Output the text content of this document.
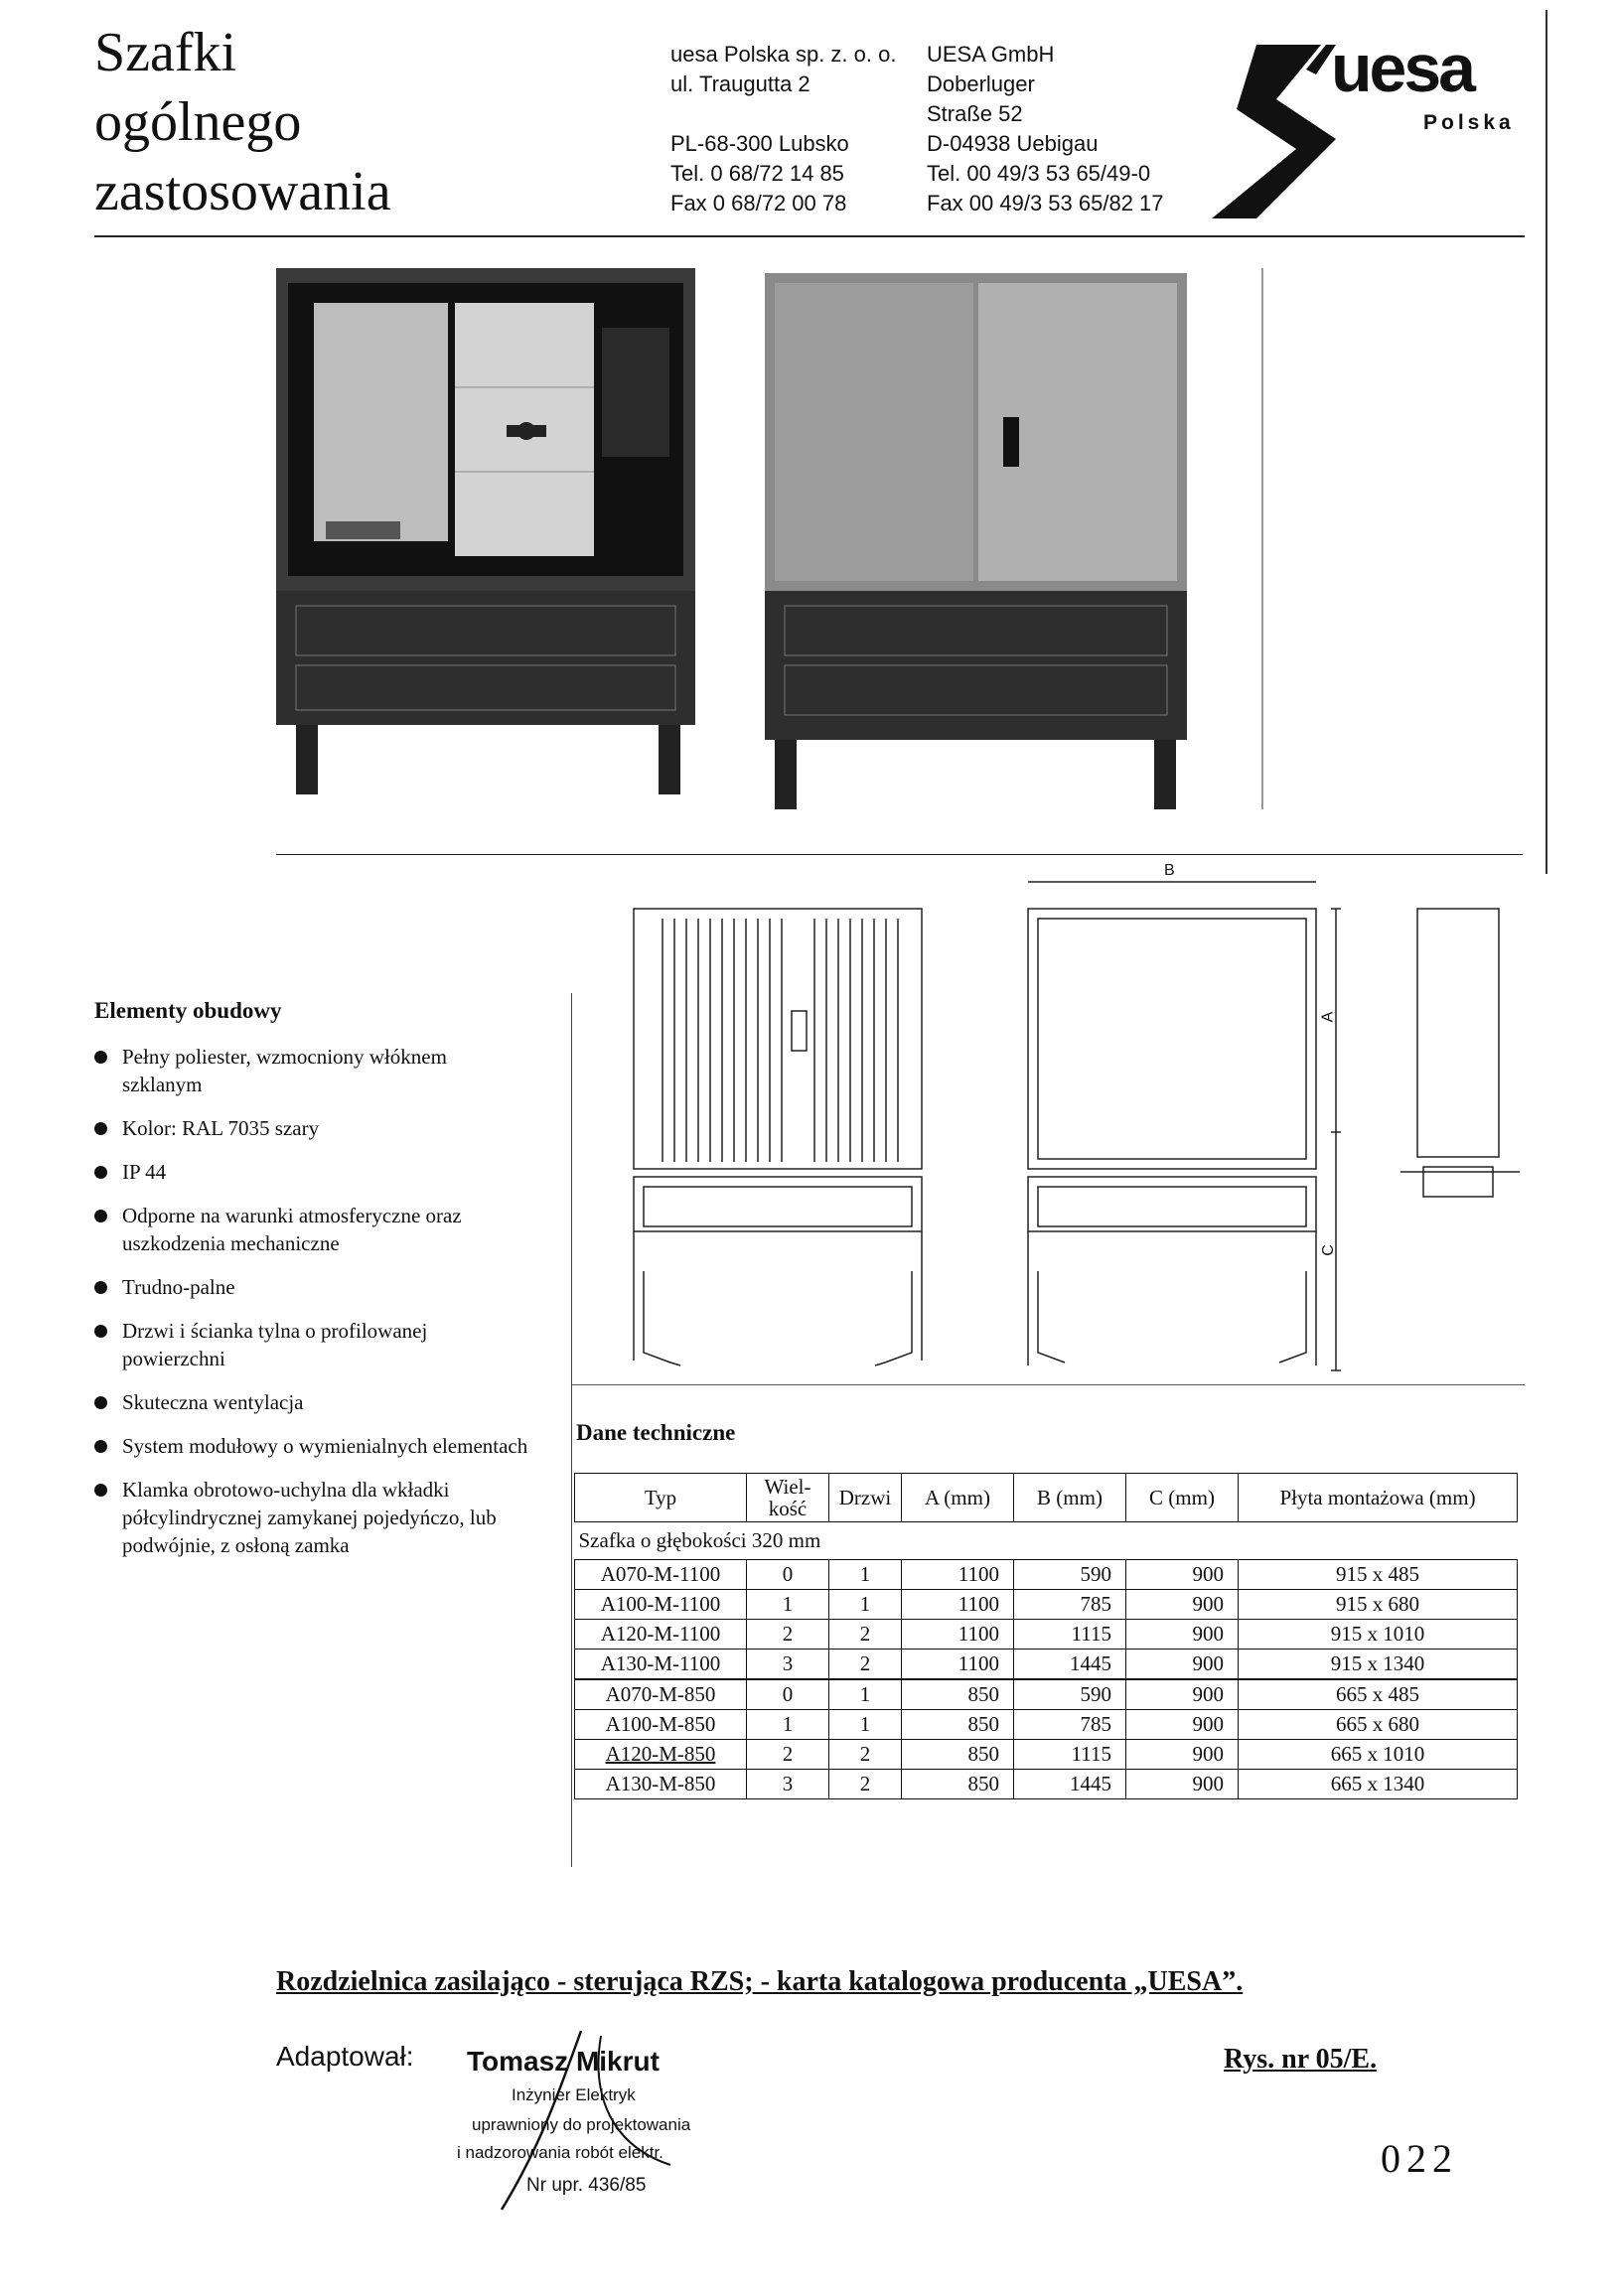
Szafki
ogólnego
zastosowania
uesa Polska sp. z. o. o.
ul. Traugutta 2
PL-68-300 Lubsko
Tel. 0 68/72 14 85
Fax 0 68/72 00 78
UESA GmbH
Doberluger
Straße 52
D-04938 Uebigau
Tel. 00 49/3 53 65/49-0
Fax 00 49/3 53 65/82 17
uesa
Polska
B
A
C
Elementy obudowy
Pełny poliester, wzmocniony włóknem szklanym
Kolor: RAL 7035 szary
IP 44
Odporne na warunki atmosferyczne oraz uszkodzenia mechaniczne
Trudno-palne
Drzwi i ścianka tylna o profilowanej powierzchni
Skuteczna wentylacja
System modułowy o wymienialnych elementach
Klamka obrotowo-uchylna dla wkładki półcylindrycznej zamykanej pojedyńczo, lub podwójnie, z osłoną zamka
Dane techniczne
Typ	Wiel-kość	Drzwi	A (mm)	B (mm)	C (mm)	Płyta montażowa (mm)
Szafka o głębokości 320 mm						
A070-M-1100	0	1	1100	590	900	915 x 485
A100-M-1100	1	1	1100	785	900	915 x 680
A120-M-1100	2	2	1100	1115	900	915 x 1010
A130-M-1100	3	2	1100	1445	900	915 x 1340
A070-M-850	0	1	850	590	900	665 x 485
A100-M-850	1	1	850	785	900	665 x 680
A120-M-850	2	2	850	1115	900	665 x 1010
A130-M-850	3	2	850	1445	900	665 x 1340
Rozdzielnica zasilająco - sterująca RZS; - karta katalogowa producenta „UESA”.
Adaptował:	Rys. nr 05/E.
Tomasz Mikrut
Inżynier Elektryk
uprawniony do projektowania
i nadzorowania robót elektr.
Nr upr. 436/85
022
